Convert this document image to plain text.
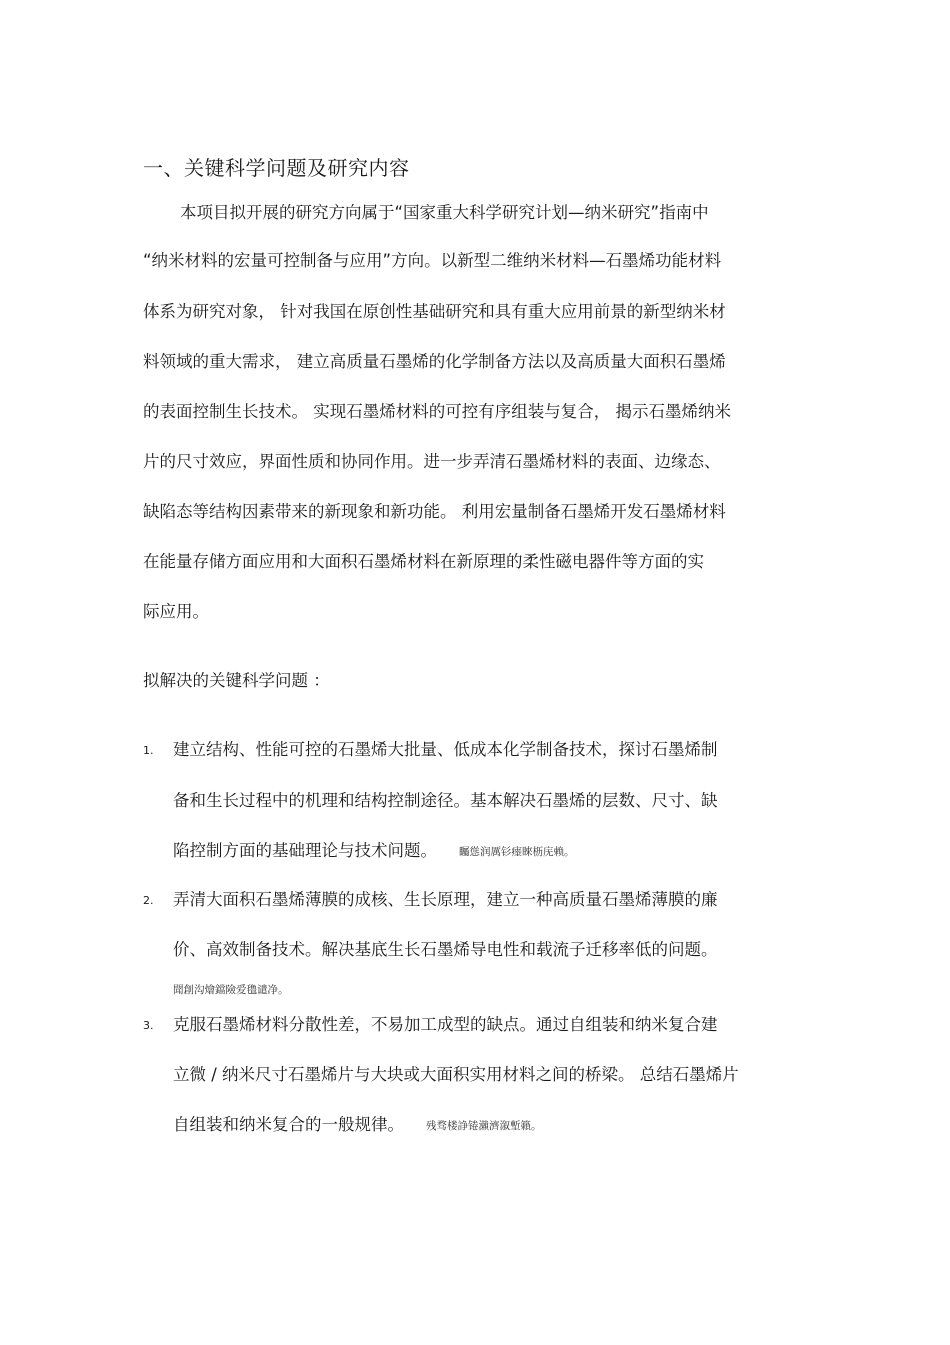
一、关键科学问题及研究内容
本项目拟开展的研究方向属于“国家重大科学研究计划—纳米研究”指南中
“纳米材料的宏量可控制备与应用”方向。以新型二维纳米材料—石墨烯功能材料
体系为研究对象， 针对我国在原创性基础研究和具有重大应用前景的新型纳米材
料领域的重大需求， 建立高质量石墨烯的化学制备方法以及高质量大面积石墨烯
的表面控制生长技术。 实现石墨烯材料的可控有序组装与复合， 揭示石墨烯纳米
片的尺寸效应，界面性质和协同作用。进一步弄清石墨烯材料的表面、边缘态、
缺陷态等结构因素带来的新现象和新功能。 利用宏量制备石墨烯开发石墨烯材料
在能量存储方面应用和大面积石墨烯材料在新原理的柔性磁电器件等方面的实
际应用。
拟解决的关键科学问题 ：
1. 建立结构、性能可控的石墨烯大批量、低成本化学制备技术，探讨石墨烯制
备和生长过程中的机理和结构控制途径。基本解决石墨烯的层数、尺寸、缺
陷控制方面的基础理论与技术问题。 矚慫润厲钐瘗睞枥庑赖。
2. 弄清大面积石墨烯薄膜的成核、生长原理，建立一种高质量石墨烯薄膜的廉
价、高效制备技术。解决基底生长石墨烯导电性和载流子迁移率低的问题。
聞創沟燴鐺險爱氇谴净。
3. 克服石墨烯材料分散性差，不易加工成型的缺点。通过自组装和纳米复合建
立微 / 纳米尺寸石墨烯片与大块或大面积实用材料之间的桥梁。 总结石墨烯片
自组装和纳米复合的一般规律。 残骛楼諍锩瀨濟溆塹籟。
